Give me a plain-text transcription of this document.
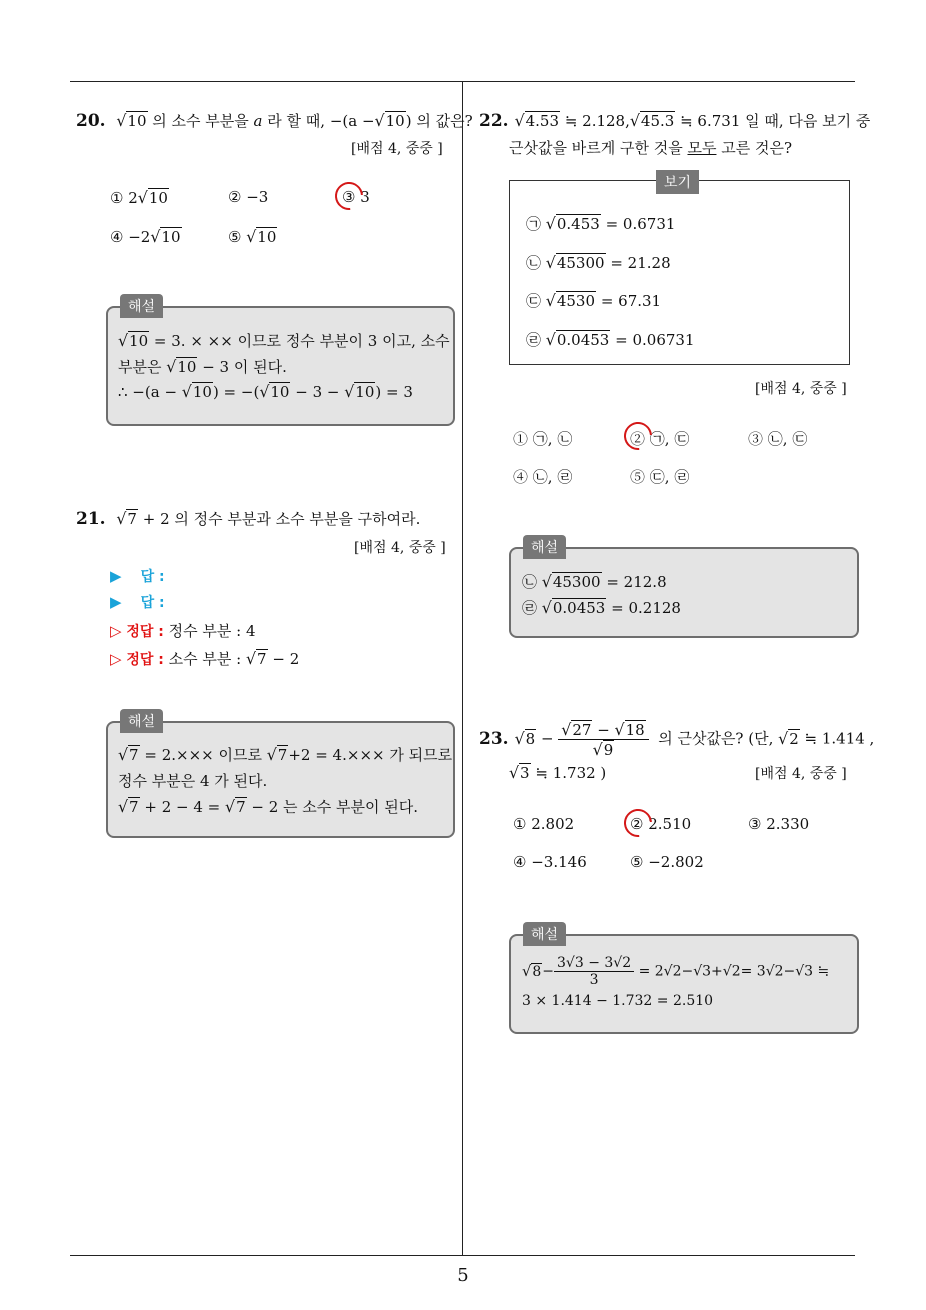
5
20. √10 의 소수 부분을 a 라 할 때, −(a −√10) 의 값은?
[배점 4, 중중 ]
① 2√10	② −3	③ 3
④ −2√10	⑤ √10
해설
√10 = 3. × ×× 이므로 정수 부분이 3 이고, 소수
부분은 √10 − 3 이 된다.
∴ −(a − √10) = −(√10 − 3 − √10) = 3
21. √7 + 2 의 정수 부분과 소수 부분을 구하여라.
[배점 4, 중중 ]
▶ 답 :
▶ 답 :
▷ 정답 : 정수 부분 : 4
▷ 정답 : 소수 부분 : √7 − 2
해설
√7 = 2.××× 이므로 √7+2 = 4.××× 가 되므로
정수 부분은 4 가 된다.
√7 + 2 − 4 = √7 − 2 는 소수 부분이 된다.
22. √4.53 ≒ 2.128,√45.3 ≒ 6.731 일 때, 다음 보기 중
근삿값을 바르게 구한 것을 모두 고른 것은?
보기
㉠ √0.453 = 0.6731
㉡ √45300 = 21.28
㉢ √4530 = 67.31
㉣ √0.0453 = 0.06731
[배점 4, 중중 ]
① ㉠, ㉡	② ㉠, ㉢	③ ㉡, ㉢
④ ㉡, ㉣	⑤ ㉢, ㉣
해설
㉡ √45300 = 212.8
㉣ √0.0453 = 0.2128
23. $√8 - \frac{√27 - √18}{√9}$ 의 근삿값은? (단, √2 ≒ 1.414 ,
√3 ≒ 1.732 )	[배점 4, 중중 ]
① 2.802	② 2.510	③ 2.330
④ −3.146	⑤ −2.802
해설
$√8- \frac{3√3 - 3√2}{3} = 2√2-√3+√2= 3√2-√3$ ≒
3 × 1.414 − 1.732 = 2.510
